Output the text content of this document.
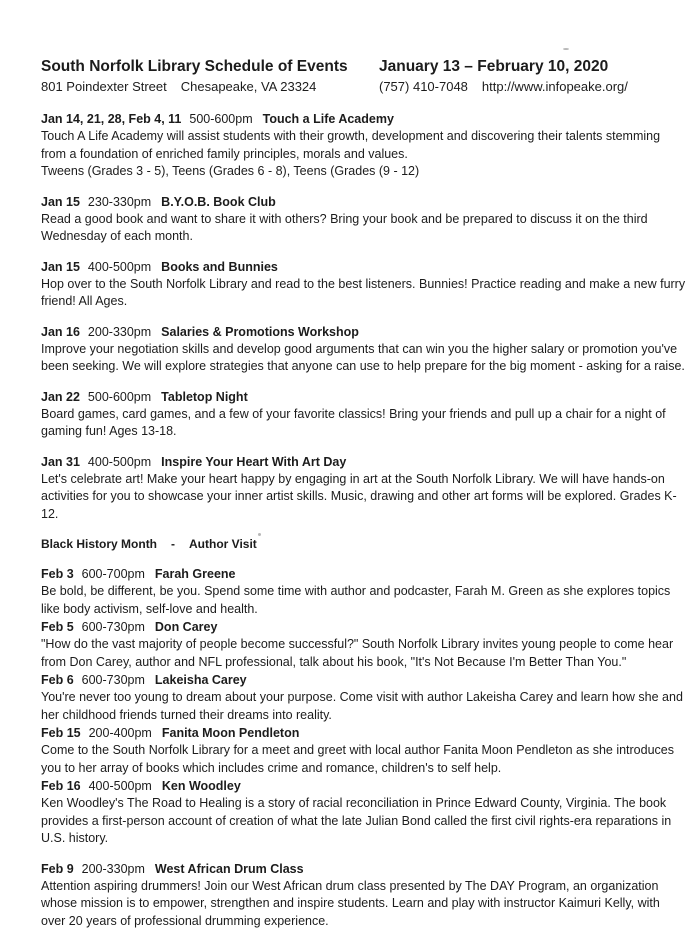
South Norfolk Library Schedule of Events
801 Poindexter Street Chesapeake, VA 23324
January 13 – February 10, 2020
(757) 410-7048 http://www.infopeake.org/
Jan 14, 21, 28, Feb 4, 11 500-600pm Touch a Life Academy
Touch A Life Academy will assist students with their growth, development and discovering their talents stemming from a foundation of enriched family principles, morals and values.
Tweens (Grades 3 - 5), Teens (Grades 6 - 8), Teens (Grades (9 - 12)
Jan 15 230-330pm B.Y.O.B. Book Club
Read a good book and want to share it with others? Bring your book and be prepared to discuss it on the third Wednesday of each month.
Jan 15 400-500pm Books and Bunnies
Hop over to the South Norfolk Library and read to the best listeners. Bunnies! Practice reading and make a new furry friend! All Ages.
Jan 16 200-330pm Salaries & Promotions Workshop
Improve your negotiation skills and develop good arguments that can win you the higher salary or promotion you've been seeking. We will explore strategies that anyone can use to help prepare for the big moment - asking for a raise.
Jan 22 500-600pm Tabletop Night
Board games, card games, and a few of your favorite classics! Bring your friends and pull up a chair for a night of gaming fun! Ages 13-18.
Jan 31 400-500pm Inspire Your Heart With Art Day
Let's celebrate art! Make your heart happy by engaging in art at the South Norfolk Library. We will have hands-on activities for you to showcase your inner artist skills. Music, drawing and other art forms will be explored. Grades K-12.
Black History Month - Author Visit
Feb 3 600-700pm Farah Greene
Be bold, be different, be you. Spend some time with author and podcaster, Farah M. Green as she explores topics like body activism, self-love and health.
Feb 5 600-730pm Don Carey
"How do the vast majority of people become successful?" South Norfolk Library invites young people to come hear from Don Carey, author and NFL professional, talk about his book, "It's Not Because I'm Better Than You."
Feb 6 600-730pm Lakeisha Carey
You're never too young to dream about your purpose. Come visit with author Lakeisha Carey and learn how she and her childhood friends turned their dreams into reality.
Feb 15 200-400pm Fanita Moon Pendleton
Come to the South Norfolk Library for a meet and greet with local author Fanita Moon Pendleton as she introduces you to her array of books which includes crime and romance, children's to self help.
Feb 16 400-500pm Ken Woodley
Ken Woodley's The Road to Healing is a story of racial reconciliation in Prince Edward County, Virginia. The book provides a first-person account of creation of what the late Julian Bond called the first civil rights-era reparations in U.S. history.
Feb 9 200-330pm West African Drum Class
Attention aspiring drummers! Join our West African drum class presented by The DAY Program, an organization whose mission is to empower, strengthen and inspire students. Learn and play with instructor Kaimuri Kelly, with over 20 years of professional drumming experience.
